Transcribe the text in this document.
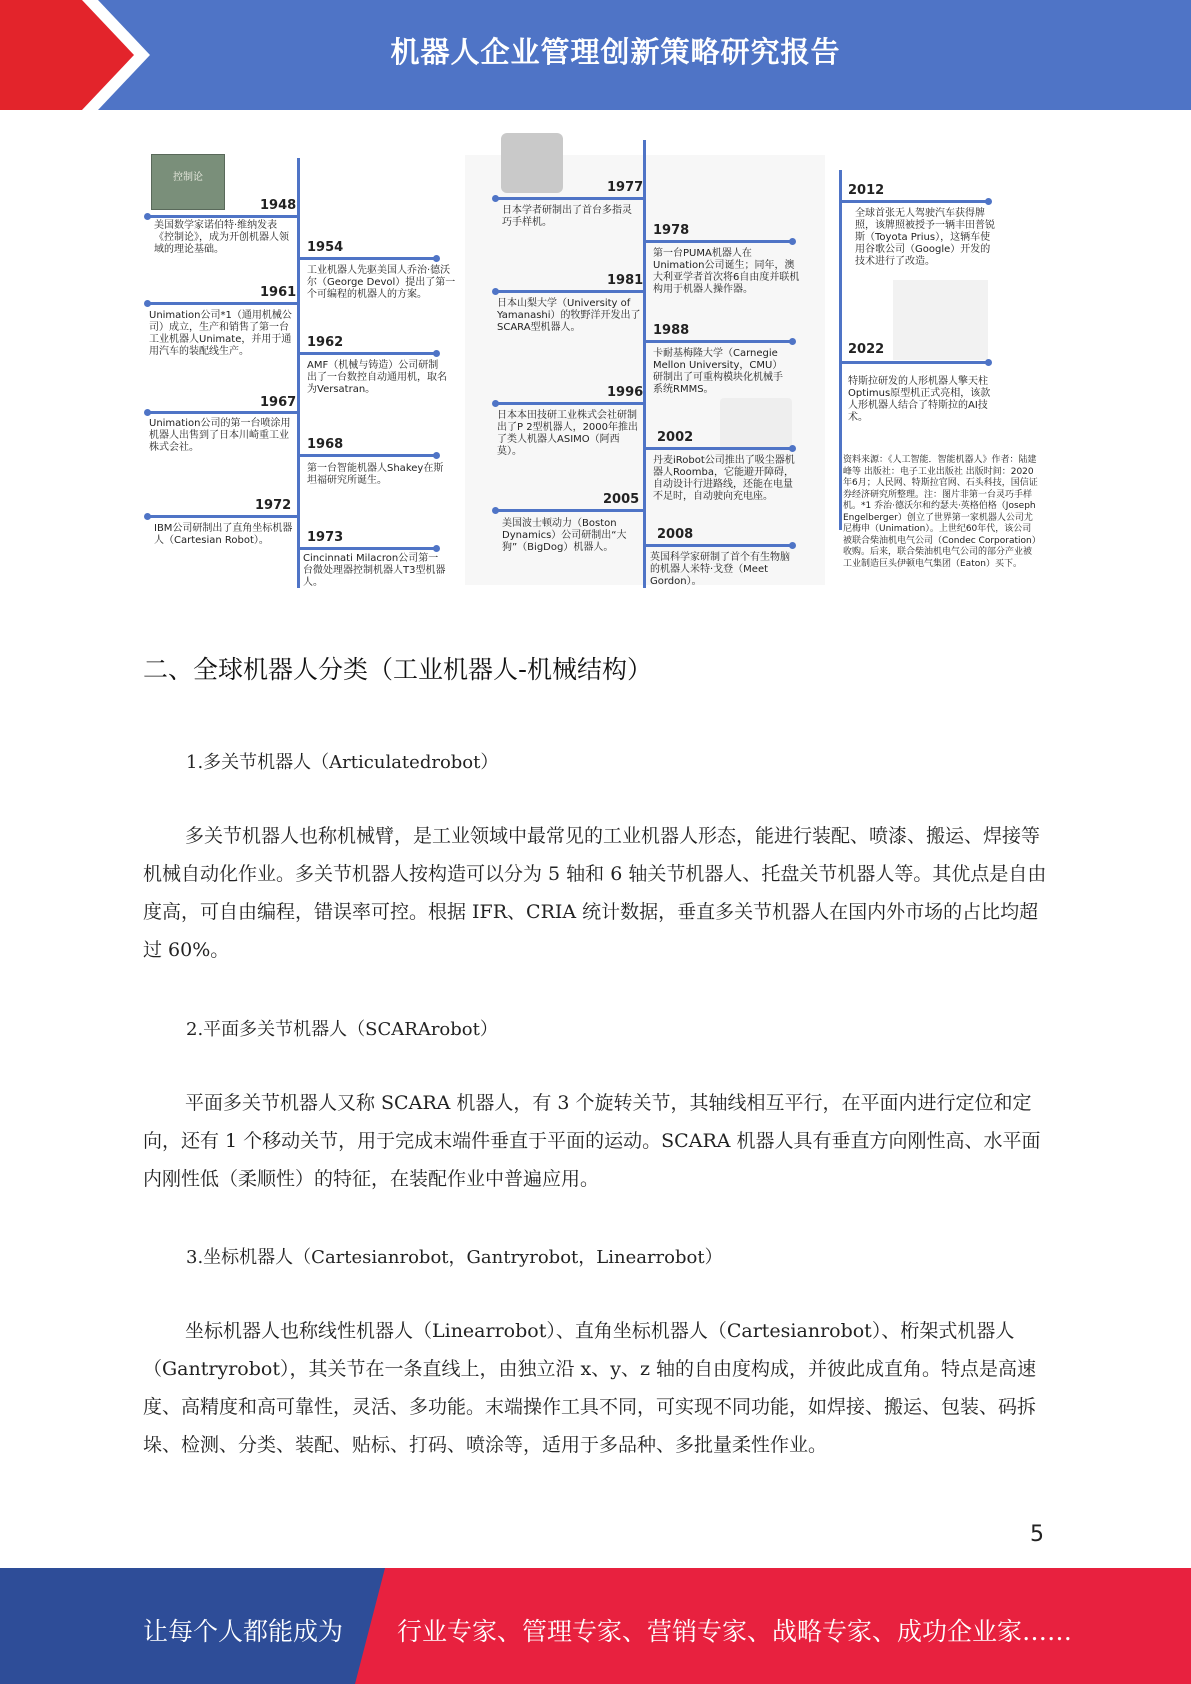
机器人企业管理创新策略研究报告
控制论
1948
美国数学家诺伯特·维纳发表《控制论》，成为开创机器人领域的理论基础。
1961
Unimation公司*1（通用机械公司）成立，生产和销售了第一台工业机器人Unimate，并用于通用汽车的装配线生产。
1967
Unimation公司的第一台喷涂用机器人出售到了日本川崎重工业株式会社。
1972
IBM公司研制出了直角坐标机器人（Cartesian Robot）。
1954
工业机器人先驱美国人乔治·德沃尔（George Devol）提出了第一个可编程的机器人的方案。
1962
AMF（机械与铸造）公司研制出了一台数控自动通用机，取名为Versatran。
1968
第一台智能机器人Shakey在斯坦福研究所诞生。
1973
Cincinnati Milacron公司第一台微处理器控制机器人T3型机器人。
1977
日本学者研制出了首台多指灵巧手样机。
1981
日本山梨大学（University of Yamanashi）的牧野洋开发出了SCARA型机器人。
1996
日本本田技研工业株式会社研制出了P 2型机器人，2000年推出了类人机器人ASIMO（阿西莫）。
2005
美国波士顿动力（Boston Dynamics）公司研制出“大狗”（BigDog）机器人。
1978
第一台PUMA机器人在Unimation公司诞生；同年，澳大利亚学者首次将6自由度并联机构用于机器人操作器。
1988
卡耐基梅隆大学（Carnegie Mellon University，CMU）研制出了可重构模块化机械手系统RMMS。
2002
丹麦iRobot公司推出了吸尘器机器人Roomba，它能避开障碍，自动设计行进路线，还能在电量不足时，自动驶向充电座。
2008
英国科学家研制了首个有生物脑的机器人米特·戈登（Meet Gordon）。
2012
全球首张无人驾驶汽车获得牌照，该牌照被授予一辆丰田普锐斯（Toyota Prius），这辆车使用谷歌公司（Google）开发的技术进行了改造。
2022
特斯拉研发的人形机器人擎天柱Optimus原型机正式亮相，该款人形机器人结合了特斯拉的AI技术。
资料来源：《人工智能．智能机器人》作者：陆建峰等 出版社：电子工业出版社 出版时间：2020年6月；人民网、特斯拉官网、石头科技，国信证券经济研究所整理。注：图片非第一台灵巧手样机。*1 乔治·德沃尔和约瑟夫·英格伯格（Joseph Engelberger）创立了世界第一家机器人公司尤尼梅申（Unimation）。上世纪60年代，该公司被联合柴油机电气公司（Condec Corporation）收购。后来，联合柴油机电气公司的部分产业被工业制造巨头伊顿电气集团（Eaton）买下。
二、全球机器人分类（工业机器人-机械结构）
1.多关节机器人（Articulatedrobot）
多关节机器人也称机械臂，是工业领域中最常见的工业机器人形态，能进行装配、喷漆、搬运、焊接等机械自动化作业。多关节机器人按构造可以分为 5 轴和 6 轴关节机器人、托盘关节机器人等。其优点是自由度高，可自由编程，错误率可控。根据 IFR、CRIA 统计数据，垂直多关节机器人在国内外市场的占比均超过 60%。
2.平面多关节机器人（SCARArobot）
平面多关节机器人又称 SCARA 机器人，有 3 个旋转关节，其轴线相互平行，在平面内进行定位和定向，还有 1 个移动关节，用于完成末端件垂直于平面的运动。SCARA 机器人具有垂直方向刚性高、水平面内刚性低（柔顺性）的特征，在装配作业中普遍应用。
3.坐标机器人（Cartesianrobot，Gantryrobot，Linearrobot）
坐标机器人也称线性机器人（Linearrobot）、直角坐标机器人（Cartesianrobot）、桁架式机器人（Gantryrobot），其关节在一条直线上，由独立沿 x、y、z 轴的自由度构成，并彼此成直角。特点是高速度、高精度和高可靠性，灵活、多功能。末端操作工具不同，可实现不同功能，如焊接、搬运、包装、码拆垛、检测、分类、装配、贴标、打码、喷涂等，适用于多品种、多批量柔性作业。
5
让每个人都能成为 行业专家、管理专家、营销专家、战略专家、成功企业家……
